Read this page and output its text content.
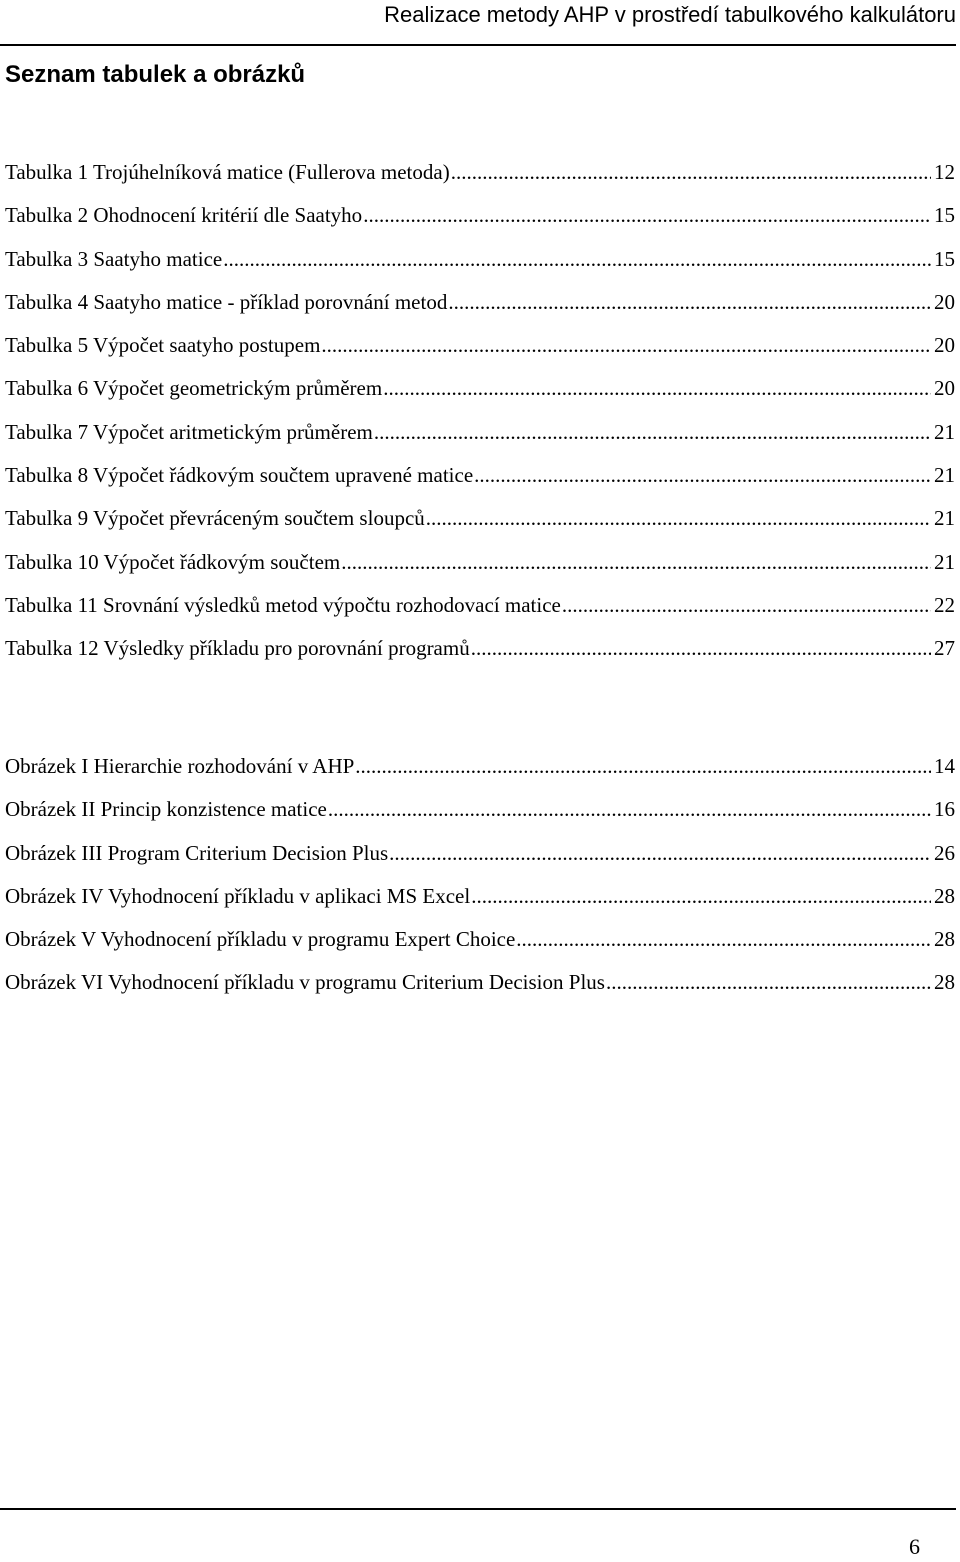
Realizace metody AHP v prostředí tabulkového kalkulátoru
Seznam tabulek a obrázků
Tabulka 1 Trojúhelníková matice (Fullerova metoda) .....	12
Tabulka 2 Ohodnocení kritérií dle Saatyho .....	15
Tabulka 3 Saatyho matice .....	15
Tabulka 4 Saatyho matice - příklad porovnání metod .....	20
Tabulka 5 Výpočet saatyho postupem .....	20
Tabulka 6 Výpočet geometrickým průměrem .....	20
Tabulka 7 Výpočet aritmetickým průměrem .....	21
Tabulka 8 Výpočet řádkovým součtem upravené matice .....	21
Tabulka 9 Výpočet převráceným součtem sloupců .....	21
Tabulka 10 Výpočet řádkovým součtem .....	21
Tabulka 11 Srovnání výsledků metod výpočtu rozhodovací matice .....	22
Tabulka 12 Výsledky příkladu pro porovnání programů .....	27
Obrázek I Hierarchie rozhodování v AHP .....	14
Obrázek II Princip konzistence matice .....	16
Obrázek III Program Criterium Decision Plus .....	26
Obrázek IV Vyhodnocení příkladu v aplikaci MS Excel .....	28
Obrázek V Vyhodnocení příkladu v programu Expert Choice .....	28
Obrázek VI Vyhodnocení příkladu v programu Criterium Decision Plus .....	28
6
